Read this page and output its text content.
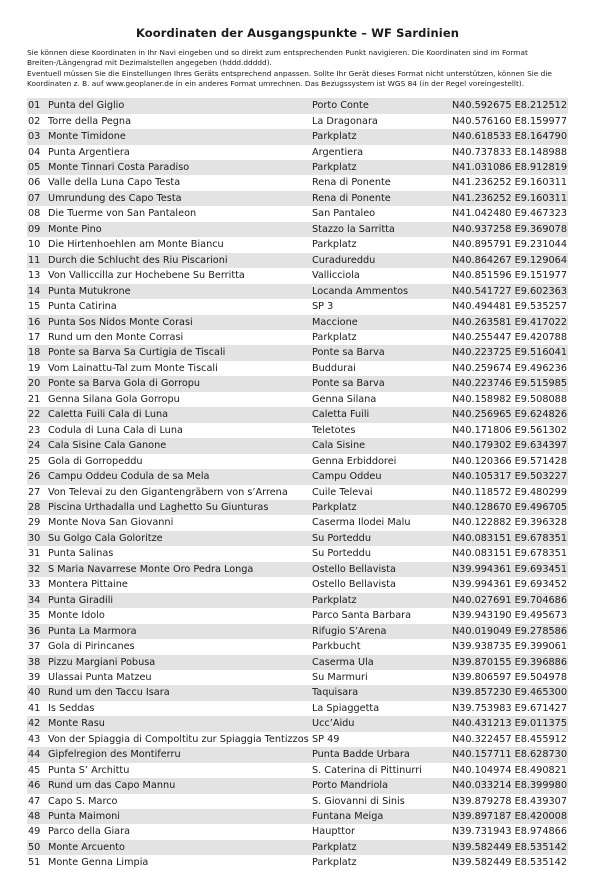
Koordinaten der Ausgangspunkte – WF Sardinien

Sie können diese Koordinaten in Ihr Navi eingeben und so direkt zum entsprechenden Punkt navigieren. Die Koordinaten sind im Format Breiten-/Längengrad mit Dezimalstellen angegeben (hddd.ddddd).

Eventuell müssen Sie die Einstellungen Ihres Geräts entsprechend anpassen. Sollte Ihr Gerät dieses Format nicht unterstützen, können Sie die Koordinaten z. B. auf www.geoplaner.de in ein anderes Format umrechnen. Das Bezugssystem ist WGS 84 (in der Regel voreingestellt).

01	Punta del Giglio	Porto Conte	N40.592675 E8.212512
02	Torre della Pegna	La Dragonara	N40.576160 E8.159977
03	Monte Timidone	Parkplatz	N40.618533 E8.164790
04	Punta Argentiera	Argentiera	N40.737833 E8.148988
05	Monte Tinnari Costa Paradiso	Parkplatz	N41.031086 E8.912819
06	Valle della Luna Capo Testa	Rena di Ponente	N41.236252 E9.160311
07	Umrundung des Capo Testa	Rena di Ponente	N41.236252 E9.160311
08	Die Tuerme von San Pantaleon	San Pantaleo	N41.042480 E9.467323
09	Monte Pino	Stazzo la Sarritta	N40.937258 E9.369078
10	Die Hirtenhoehlen am Monte Biancu	Parkplatz	N40.895791 E9.231044
11	Durch die Schlucht des Riu Piscarioni	Curadureddu	N40.864267 E9.129064
13	Von Valliccilla zur Hochebene Su Berritta	Vallicciola	N40.851596 E9.151977
14	Punta Mutukrone	Locanda Ammentos	N40.541727 E9.602363
15	Punta Catirina	SP 3	N40.494481 E9.535257
16	Punta Sos Nidos Monte Corasi	Maccione	N40.263581 E9.417022
17	Rund um den Monte Corrasi	Parkplatz	N40.255447 E9.420788
18	Ponte sa Barva Sa Curtigia de Tiscali	Ponte sa Barva	N40.223725 E9.516041
19	Vom Lainattu-Tal zum Monte Tiscali	Buddurai	N40.259674 E9.496236
20	Ponte sa Barva Gola di Gorropu	Ponte sa Barva	N40.223746 E9.515985
21	Genna Silana Gola Gorropu	Genna Silana	N40.158982 E9.508088
22	Caletta Fuili Cala di Luna	Caletta Fuili	N40.256965 E9.624826
23	Codula di Luna Cala di Luna	Teletotes	N40.171806 E9.561302
24	Cala Sisine Cala Ganone	Cala Sisine	N40.179302 E9.634397
25	Gola di Gorropeddu	Genna Erbiddorei	N40.120366 E9.571428
26	Campu Oddeu Codula de sa Mela	Campu Oddeu	N40.105317 E9.503227
27	Von Televai zu den Gigantengräbern von s’Arrena	Cuile Televai	N40.118572 E9.480299
28	Piscina Urthadalla und Laghetto Su Giunturas	Parkplatz	N40.128670 E9.496705
29	Monte Nova San Giovanni	Caserma Ilodei Malu	N40.122882 E9.396328
30	Su Golgo Cala Goloritze	Su Porteddu	N40.083151 E9.678351
31	Punta Salinas	Su Porteddu	N40.083151 E9.678351
32	S Maria Navarrese Monte Oro Pedra Longa	Ostello Bellavista	N39.994361 E9.693451
33	Montera Pittaine	Ostello Bellavista	N39.994361 E9.693452
34	Punta Giradili	Parkplatz	N40.027691 E9.704686
35	Monte Idolo	Parco Santa Barbara	N39.943190 E9.495673
36	Punta La Marmora	Rifugio S’Arena	N40.019049 E9.278586
37	Gola di Pirincanes	Parkbucht	N39.938735 E9.399061
38	Pizzu Margiani Pobusa	Caserma Ula	N39.870155 E9.396886
39	Ulassai Punta Matzeu	Su Marmuri	N39.806597 E9.504978
40	Rund um den Taccu Isara	Taquisara	N39.857230 E9.465300
41	Is Seddas	La Spiaggetta	N39.753983 E9.671427
42	Monte Rasu	Ucc’Aidu	N40.431213 E9.011375
43	Von der Spiaggia di Compoltitu zur Spiaggia Tentizzos	SP 49	N40.322457 E8.455912
44	Gipfelregion des Montiferru	Punta Badde Urbara	N40.157711 E8.628730
45	Punta S’ Archittu	S. Caterina di Pittinurri	N40.104974 E8.490821
46	Rund um das Capo Mannu	Porto Mandriola	N40.033214 E8.399980
47	Capo S. Marco	S. Giovanni di Sinis	N39.879278 E8.439307
48	Punta Maimoni	Funtana Meiga	N39.897187 E8.420008
49	Parco della Giara	Haupttor	N39.731943 E8.974866
50	Monte Arcuento	Parkplatz	N39.582449 E8.535142
51	Monte Genna Limpia	Parkplatz	N39.582449 E8.535142
